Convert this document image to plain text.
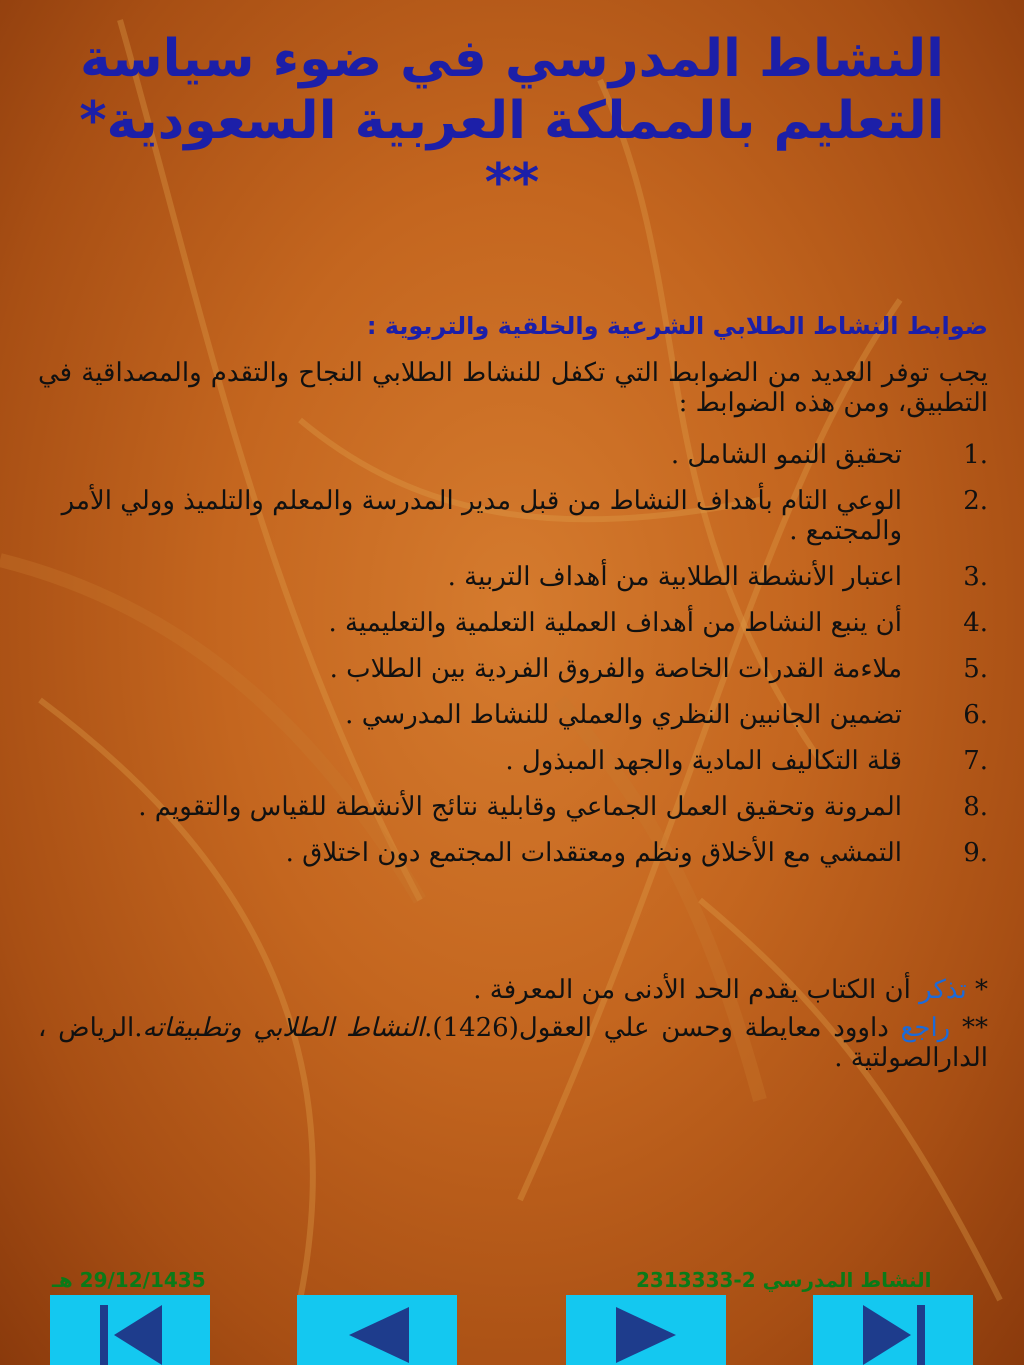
النشاط المدرسي في ضوء سياسة
التعليم بالمملكة العربية السعودية*
**
ضوابط النشاط الطلابي الشرعية والخلقية والتربوية :
يجب توفر العديد من الضوابط التي تكفل للنشاط الطلابي النجاح والتقدم والمصداقية في التطبيق، ومن هذه الضوابط :
1.
تحقيق النمو الشامل .
2.
الوعي التام بأهداف النشاط من قبل مدير المدرسة والمعلم والتلميذ وولي الأمر والمجتمع .
3.
اعتبار الأنشطة الطلابية من أهداف التربية .
4.
أن ينبع النشاط من أهداف العملية التعلمية والتعليمية .
5.
ملاءمة القدرات الخاصة والفروق الفردية بين الطلاب .
6.
تضمين الجانبين النظري والعملي للنشاط المدرسي .
7.
قلة التكاليف المادية والجهد المبذول .
8.
المرونة وتحقيق العمل الجماعي وقابلية نتائج الأنشطة للقياس والتقويم .
9.
التمشي مع الأخلاق ونظم ومعتقدات المجتمع دون اختلاق .

* تذكر أن الكتاب يقدم الحد الأدنى من المعرفة .

** راجع داوود معايطة وحسن علي العقول(1426).النشاط الطلابي وتطبيقاته.الرياض ، الدارالصولتية .

29/12/1435 هـ	النشاط المدرسي 2-2313333
